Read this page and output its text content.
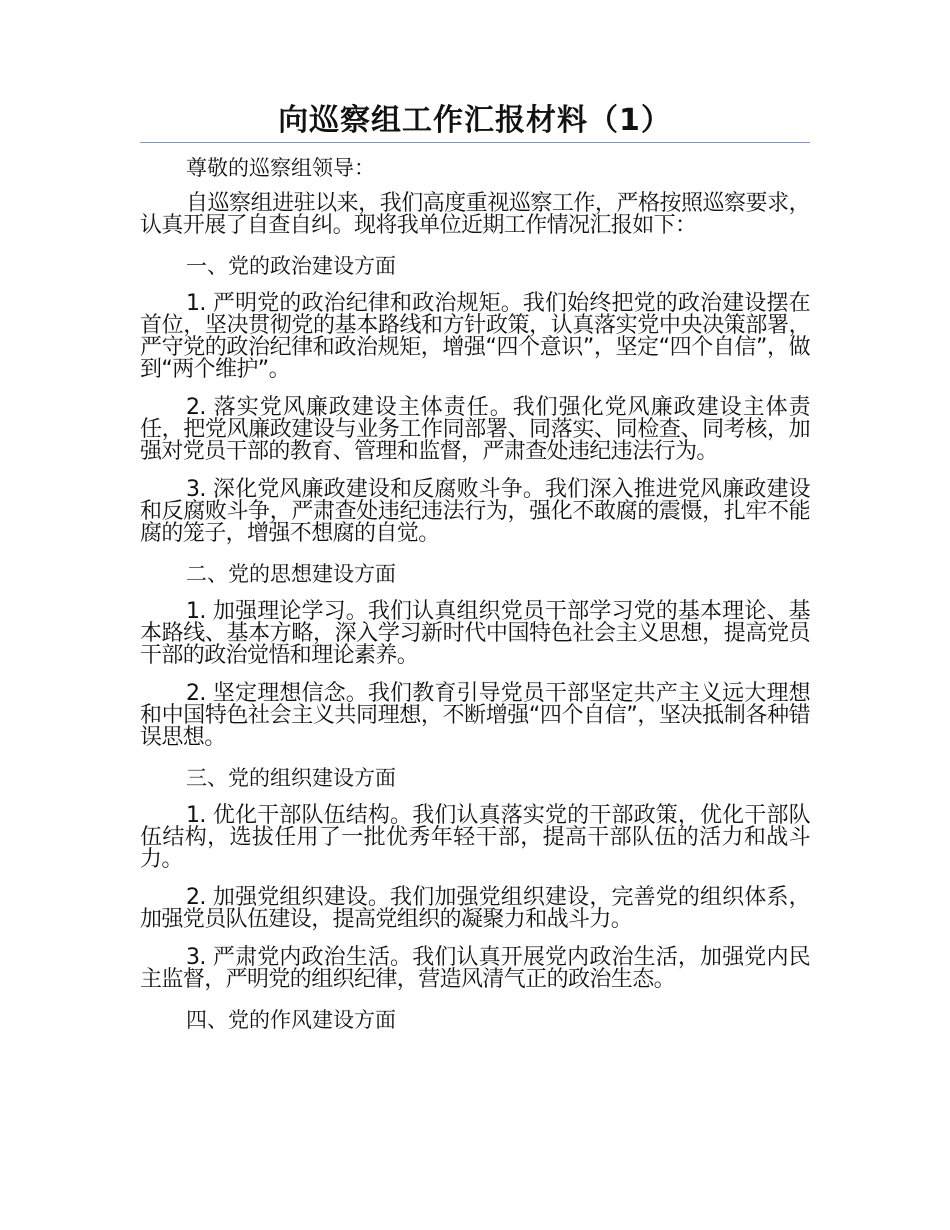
向巡察组工作汇报材料（1）
尊敬的巡察组领导：
自巡察组进驻以来，我们高度重视巡察工作，严格按照巡察要求，认真开展了自查自纠。现将我单位近期工作情况汇报如下：
一、党的政治建设方面
1. 严明党的政治纪律和政治规矩。我们始终把党的政治建设摆在首位，坚决贯彻党的基本路线和方针政策，认真落实党中央决策部署，严守党的政治纪律和政治规矩，增强“四个意识”，坚定“四个自信”，做到“两个维护”。
2. 落实党风廉政建设主体责任。我们强化党风廉政建设主体责任，把党风廉政建设与业务工作同部署、同落实、同检查、同考核，加强对党员干部的教育、管理和监督，严肃查处违纪违法行为。
3. 深化党风廉政建设和反腐败斗争。我们深入推进党风廉政建设和反腐败斗争，严肃查处违纪违法行为，强化不敢腐的震慑，扎牢不能腐的笼子，增强不想腐的自觉。
二、党的思想建设方面
1. 加强理论学习。我们认真组织党员干部学习党的基本理论、基本路线、基本方略，深入学习新时代中国特色社会主义思想，提高党员干部的政治觉悟和理论素养。
2. 坚定理想信念。我们教育引导党员干部坚定共产主义远大理想和中国特色社会主义共同理想，不断增强“四个自信”，坚决抵制各种错误思想。
三、党的组织建设方面
1. 优化干部队伍结构。我们认真落实党的干部政策，优化干部队伍结构，选拔任用了一批优秀年轻干部，提高干部队伍的活力和战斗力。
2. 加强党组织建设。我们加强党组织建设，完善党的组织体系，加强党员队伍建设，提高党组织的凝聚力和战斗力。
3. 严肃党内政治生活。我们认真开展党内政治生活，加强党内民主监督，严明党的组织纪律，营造风清气正的政治生态。
四、党的作风建设方面
